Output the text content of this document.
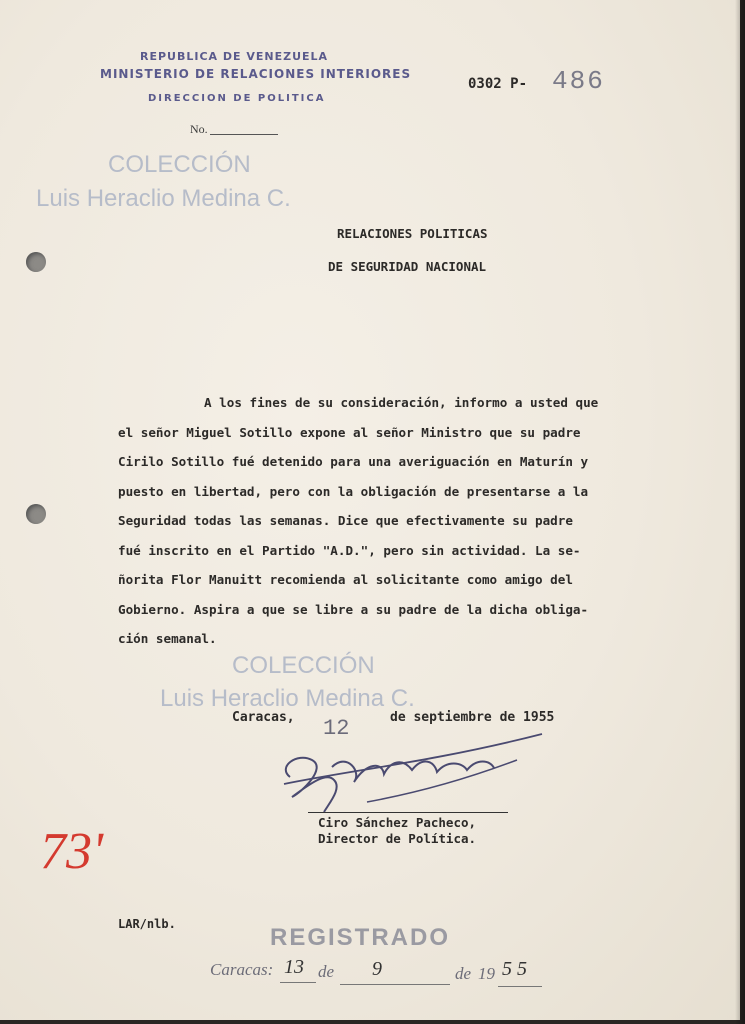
REPUBLICA DE VENEZUELA
MINISTERIO DE RELACIONES INTERIORES
DIRECCION DE POLITICA
No.
0302 P- 486
COLECCIÓN
Luis Heraclio Medina C.
RELACIONES POLITICAS
DE SEGURIDAD NACIONAL
A los fines de su consideración, informo a usted que
el señor Miguel Sotillo expone al señor Ministro que su padre
Cirilo Sotillo fué detenido para una averiguación en Maturín y
puesto en libertad, pero con la obligación de presentarse a la
Seguridad todas las semanas. Dice que efectivamente su padre
fué inscrito en el Partido "A.D.", pero sin actividad. La se-
ñorita Flor Manuitt recomienda al solicitante como amigo del
Gobierno. Aspira a que se libre a su padre de la dicha obliga-
ción semanal.
COLECCIÓN
Luis Heraclio Medina C.
Caracas, 12	de septiembre de 1955
Ciro Sánchez Pacheco,
Director de Política.
73'
LAR/nlb.	REGISTRADO
Caracas: 13 de 9	de 19 5 5
